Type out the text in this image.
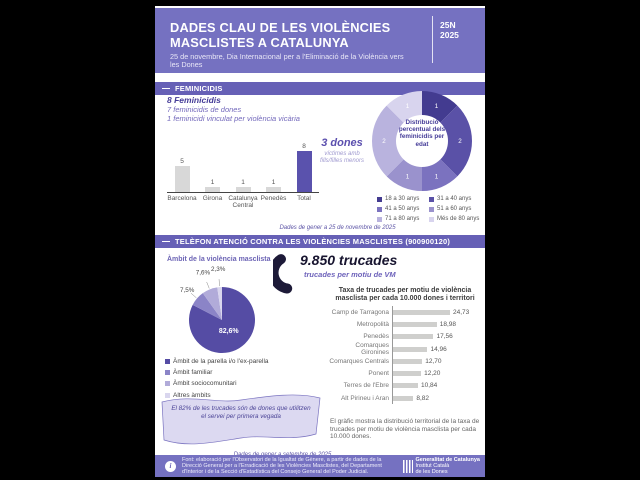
DADES CLAU DE LES VIOLÈNCIES
MASCLISTES A CATALUNYA
25 de novembre, Dia Internacional per a l'Eliminació de la Violència vers les Dones
25N
2025
FEMINICIDIS
8 Feminicidis
7 feminicidis de dones
1 feminicidi vinculat per violència vicària
5
1	1	1
8
Barcelona Girona Catalunya Central
Penedès	Total
3 dones
víctimes amb fills/filles menors
1
2
1
1
2
1
Distribució percentual dels feminicidis per edat
18 a 30 anys	31 a 40 anys
41 a 50 anys	51 a 60 anys
71 a 80 anys	Més de 80 anys
Dades de gener a 25 de novembre de 2025
TELÈFON ATENCIÓ CONTRA LES VIOLÈNCIES MASCLISTES (900900120)
Àmbit de la violència masclista
82,6%
7,5%
7,6%
2,3%
Àmbit de la parella i/o l'ex-parella
Àmbit familiar
Àmbit sociocomunitari
Altres àmbits
9.850 trucades
trucades per motiu de VM
Taxa de trucades per motiu de violència masclista per cada 10.000 dones i territori
Camp de Tarragona	24,73
Metropolità	18,98
Penedès	17,56
Comarques Gironines
14,96
Comarques Centrals	12,70
Ponent	12,20
Terres de l'Ebre	10,84
Alt Pirineu i Aran	8,82
El 82% de les trucades són de dones que utilitzen el servei per primera vegada
El gràfic mostra la distribució territorial de la taxa de trucades per motiu de violència masclista per cada 10.000 dones.
i
Font: elaboració per l'Observatori de la Igualtat de Gènere, a partir de dades de la Direcció General per a l'Erradicació de les Violències Masclistes, del Departament d'Interior i de la Secció d'Estadística del Consejo General del Poder Judicial.
Generalitat de Catalunya
Institut Català
de les Dones
